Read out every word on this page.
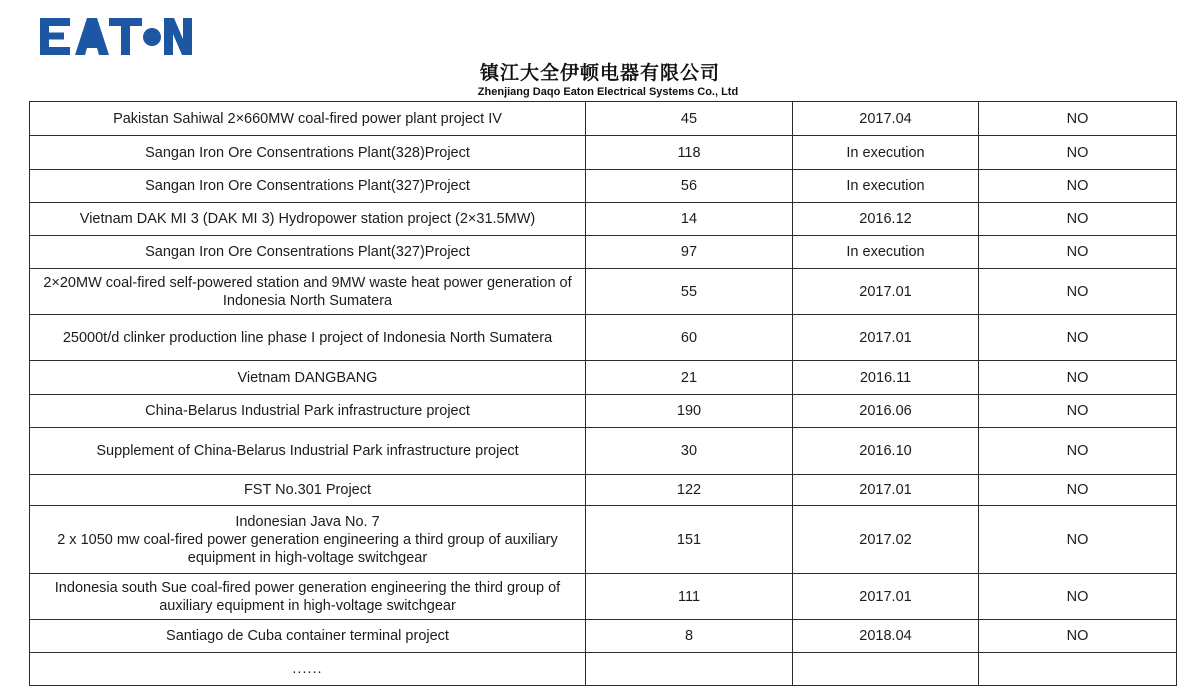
镇江大全伊顿电器有限公司
Zhenjiang Daqo Eaton Electrical Systems Co., Ltd
Pakistan Sahiwal 2×660MW coal-fired power plant project IV	45	2017.04	NO
Sangan Iron Ore Consentrations Plant(328)Project	118	In execution	NO
Sangan Iron Ore Consentrations Plant(327)Project	56	In execution	NO
Vietnam DAK MI 3 (DAK MI 3) Hydropower station project (2×31.5MW)	14	2016.12	NO
Sangan Iron Ore Consentrations Plant(327)Project	97	In execution	NO
2×20MW coal-fired self-powered station and 9MW waste heat power generation of Indonesia North Sumatera	55	2017.01	NO
25000t/d clinker production line phase I project of Indonesia North Sumatera	60	2017.01	NO
Vietnam DANGBANG	21	2016.11	NO
China-Belarus Industrial Park infrastructure project	190	2016.06	NO
Supplement of China-Belarus Industrial Park infrastructure project	30	2016.10	NO
FST No.301 Project	122	2017.01	NO

Indonesian Java No. 7
2 x 1050 mw coal-fired power generation engineering a third group of auxiliary equipment in high-voltage switchgear	151	2017.02	NO
Indonesia south Sue coal-fired power generation engineering the third group of auxiliary equipment in high-voltage switchgear	111	2017.01	NO
Santiago de Cuba container terminal project	8	2018.04	NO
......			
